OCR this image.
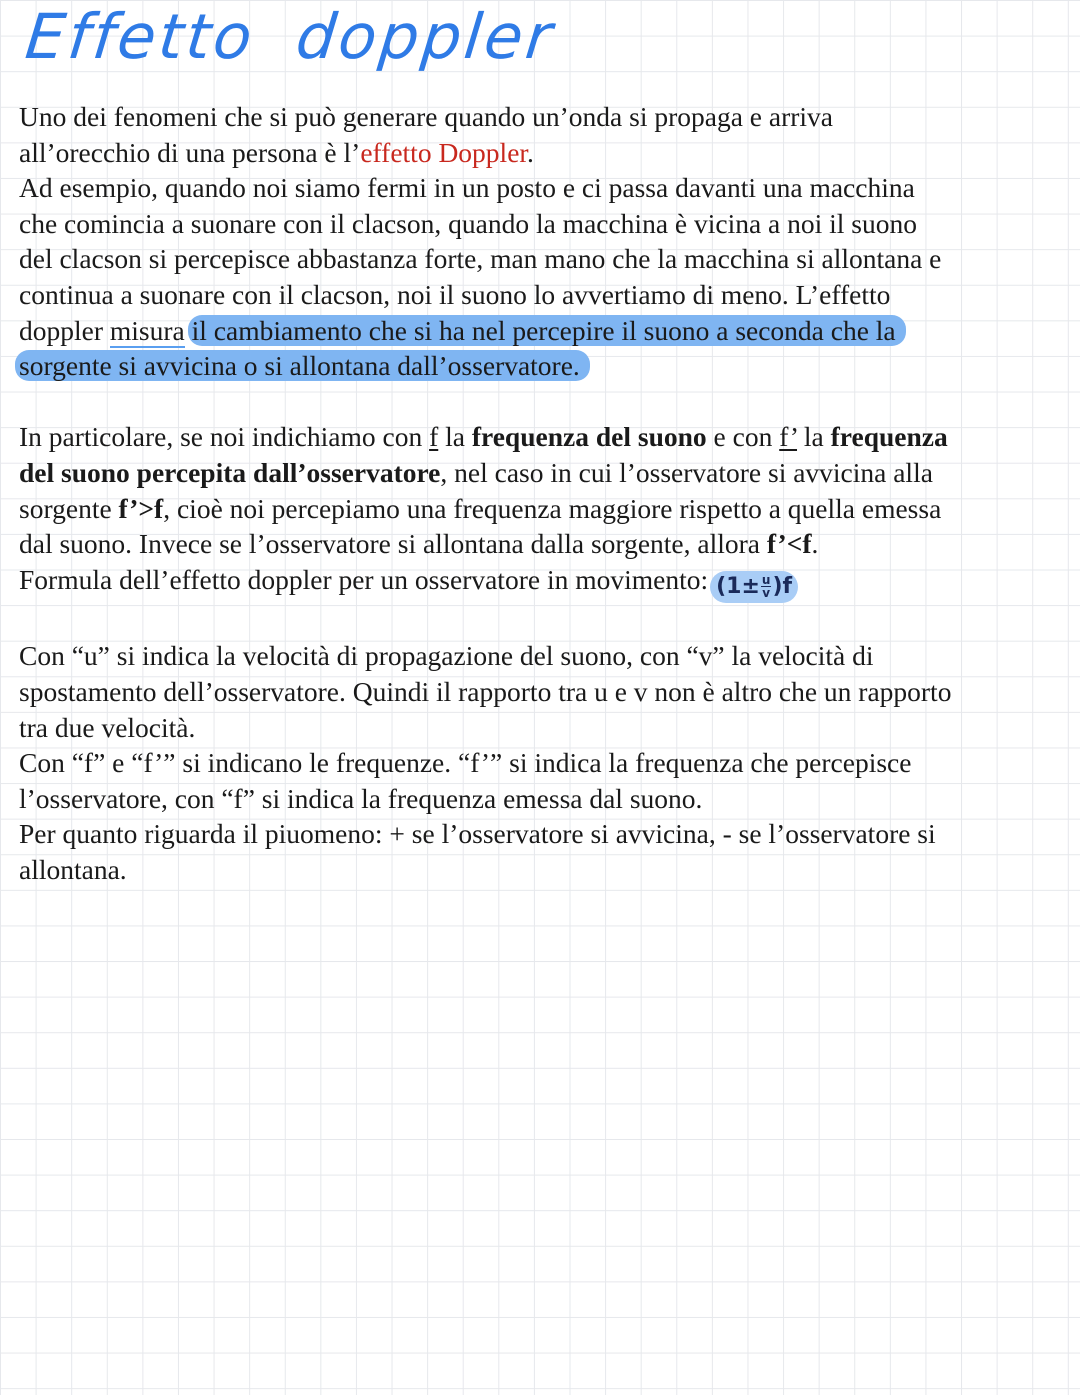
Effetto doppler

Uno dei fenomeni che si può generare quando un’onda si propaga e arriva

all’orecchio di una persona è l’effetto Doppler.

Ad esempio, quando noi siamo fermi in un posto e ci passa davanti una macchina

che comincia a suonare con il clacson, quando la macchina è vicina a noi il suono

del clacson si percepisce abbastanza forte, man mano che la macchina si allontana e

continua a suonare con il clacson, noi il suono lo avvertiamo di meno. L’effetto

doppler misura il cambiamento che si ha nel percepire il suono a seconda che la

sorgente si avvicina o si allontana dall’osservatore.

In particolare, se noi indichiamo con f la frequenza del suono e con f’ la frequenza

del suono percepita dall’osservatore, nel caso in cui l’osservatore si avvicina alla

sorgente f’>f, cioè noi percepiamo una frequenza maggiore rispetto a quella emessa

dal suono. Invece se l’osservatore si allontana dalla sorgente, allora f’<f.

Formula dell’effetto doppler per un osservatore in movimento: $(1\pm \frac{u}{v} )f$

Con “u” si indica la velocità di propagazione del suono, con “v” la velocità di

spostamento dell’osservatore. Quindi il rapporto tra u e v non è altro che un rapporto

tra due velocità.

Con “f” e “f’” si indicano le frequenze. “f’” si indica la frequenza che percepisce

l’osservatore, con “f” si indica la frequenza emessa dal suono.

Per quanto riguarda il piuomeno: + se l’osservatore si avvicina, - se l’osservatore si

allontana.
